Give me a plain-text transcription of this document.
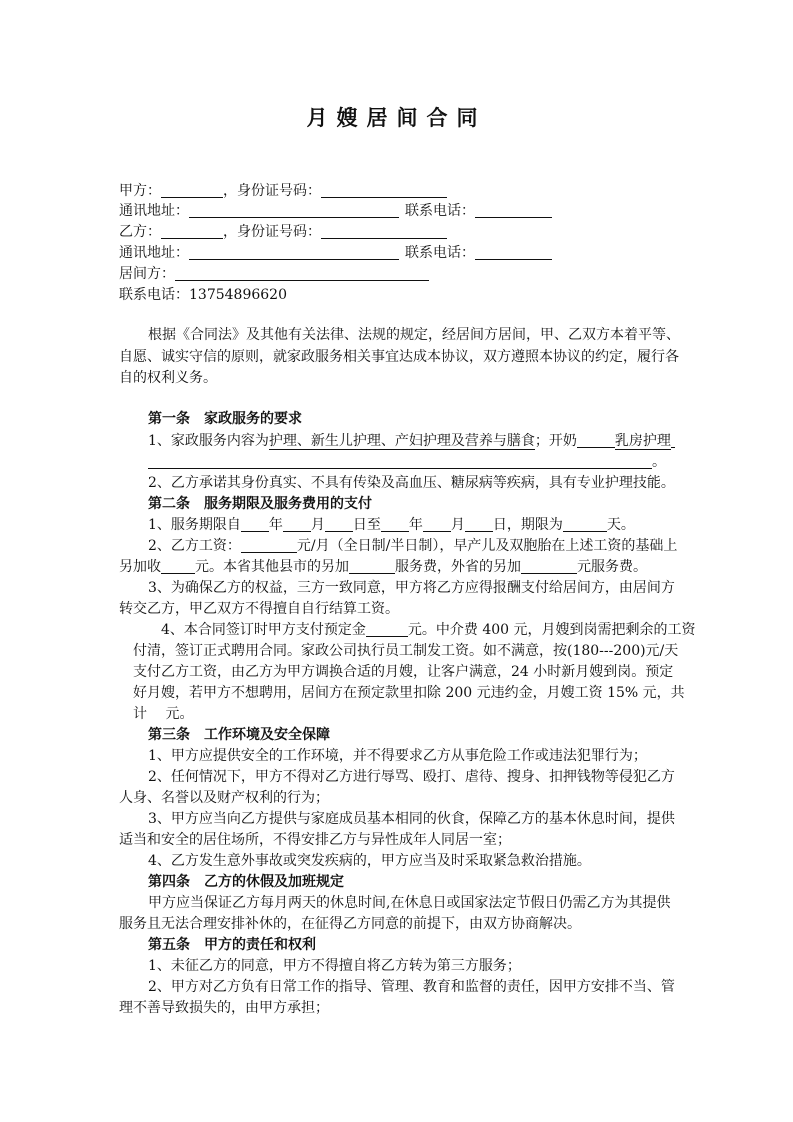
月嫂居间合同
甲方：	，身份证号码：
通讯地址：	联系电话：
乙方：	，身份证号码：
通讯地址：	联系电话：
居间方：
联系电话：13754896620
根据《合同法》及其他有关法律、法规的规定，经居间方居间，甲、乙双方本着平等、
自愿、诚实守信的原则，就家政服务相关事宜达成本协议，双方遵照本协议的约定，履行各
自的权利义务。
第一条　家政服务的要求
1、家政服务内容为护理、新生儿护理、产妇护理及营养与膳食；开奶	乳房护理
。
2、乙方承诺其身份真实、不具有传染及高血压、糖尿病等疾病，具有专业护理技能。
第二条　服务期限及服务费用的支付
1、服务期限自 年 月 日至 年 月 日，期限为	天。
2、乙方工资：	元/月（全日制/半日制），早产儿及双胞胎在上述工资的基础上
另加收 元。本省其他县市的另加	服务费，外省的另加	元服务费。
3、为确保乙方的权益，三方一致同意，甲方将乙方应得报酬支付给居间方，由居间方
转交乙方，甲乙双方不得擅自自行结算工资。
4、本合同签订时甲方支付预定金	元。中介费 400 元，月嫂到岗需把剩余的工资
付清，签订正式聘用合同。家政公司执行员工制发工资。如不满意，按(180---200)元/天
支付乙方工资，由乙方为甲方调换合适的月嫂，让客户满意，24 小时新月嫂到岗。预定
好月嫂，若甲方不想聘用，居间方在预定款里扣除 200 元违约金，月嫂工资 15% 元，共
计　 元。
第三条　工作环境及安全保障
1、甲方应提供安全的工作环境，并不得要求乙方从事危险工作或违法犯罪行为；
2、任何情况下，甲方不得对乙方进行辱骂、殴打、虐待、搜身、扣押钱物等侵犯乙方
人身、名誉以及财产权利的行为；
3、甲方应当向乙方提供与家庭成员基本相同的伙食，保障乙方的基本休息时间，提供
适当和安全的居住场所，不得安排乙方与异性成年人同居一室；
4、乙方发生意外事故或突发疾病的，甲方应当及时采取紧急救治措施。
第四条　乙方的休假及加班规定
甲方应当保证乙方每月两天的休息时间,在休息日或国家法定节假日仍需乙方为其提供
服务且无法合理安排补休的，在征得乙方同意的前提下，由双方协商解决。
第五条　甲方的责任和权利
1、未征乙方的同意，甲方不得擅自将乙方转为第三方服务；
2、甲方对乙方负有日常工作的指导、管理、教育和监督的责任，因甲方安排不当、管
理不善导致损失的，由甲方承担；
